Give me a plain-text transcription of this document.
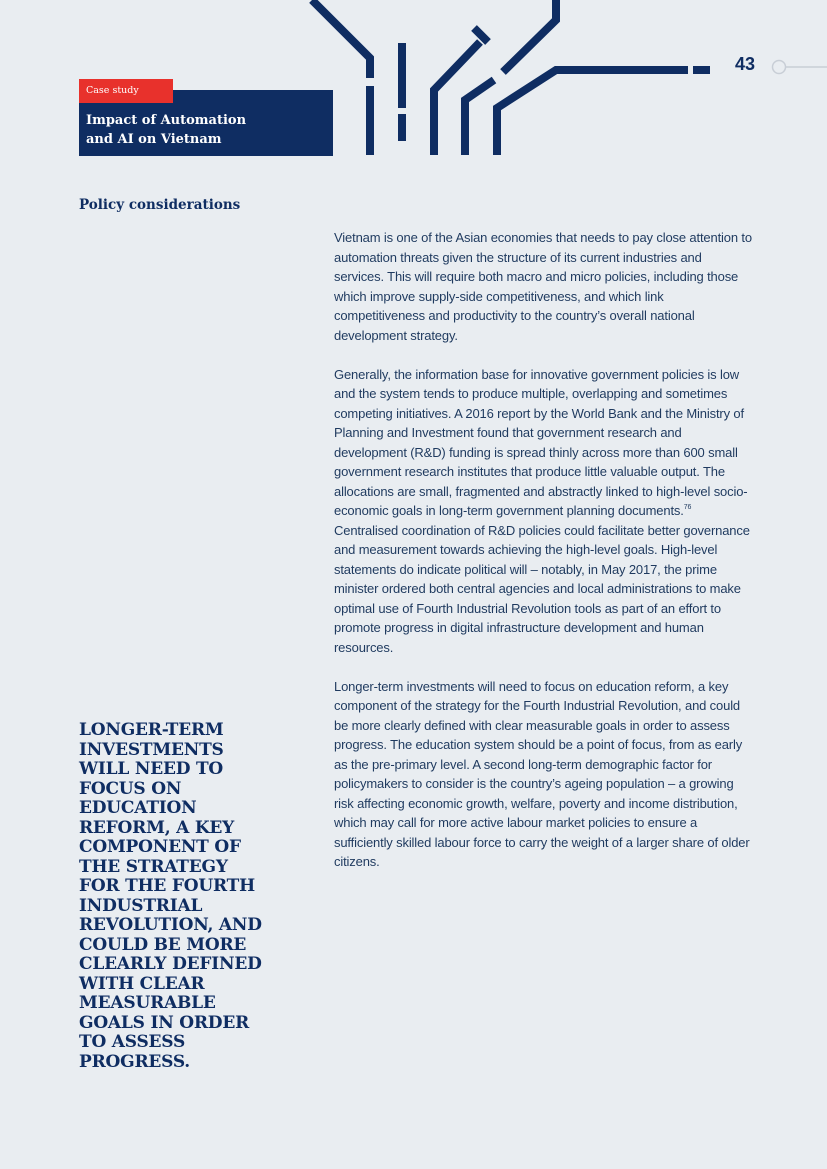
43
Case study
Impact of Automation
and AI on Vietnam
Policy considerations

Vietnam is one of the Asian economies that needs to pay close attention to automation threats given the structure of its current industries and services. This will require both macro and micro policies, including those which improve supply-side competitiveness, and which link competitiveness and productivity to the country’s overall national development strategy.

Generally, the information base for innovative government policies is low and the system tends to produce multiple, overlapping and sometimes competing initiatives. A 2016 report by the World Bank and the Ministry of Planning and Investment found that government research and development (R&D) funding is spread thinly across more than 600 small government research institutes that produce little valuable output. The allocations are small, fragmented and abstractly linked to high-level socio-economic goals in long-term government planning documents.$^{76}$ Centralised coordination of R&D policies could facilitate better governance and measurement towards achieving the high-level goals. High-level statements do indicate political will – notably, in May 2017, the prime minister ordered both central agencies and local administrations to make optimal use of Fourth Industrial Revolution tools as part of an effort to promote progress in digital infrastructure development and human resources.

Longer-term investments will need to focus on education reform, a key component of the strategy for the Fourth Industrial Revolution, and could be more clearly defined with clear measurable goals in order to assess progress. The education system should be a point of focus, from as early as the pre-primary level. A second long-term demographic factor for policymakers to consider is the country’s ageing population – a growing risk affecting economic growth, welfare, poverty and income distribution, which may call for more active labour market policies to ensure a sufficiently skilled labour force to carry the weight of a larger share of older citizens.

LONGER-TERM INVESTMENTS WILL NEED TO FOCUS ON EDUCATION REFORM, A KEY COMPONENT OF THE STRATEGY FOR THE FOURTH INDUSTRIAL REVOLUTION, AND COULD BE MORE CLEARLY DEFINED WITH CLEAR MEASURABLE GOALS IN ORDER TO ASSESS PROGRESS.
